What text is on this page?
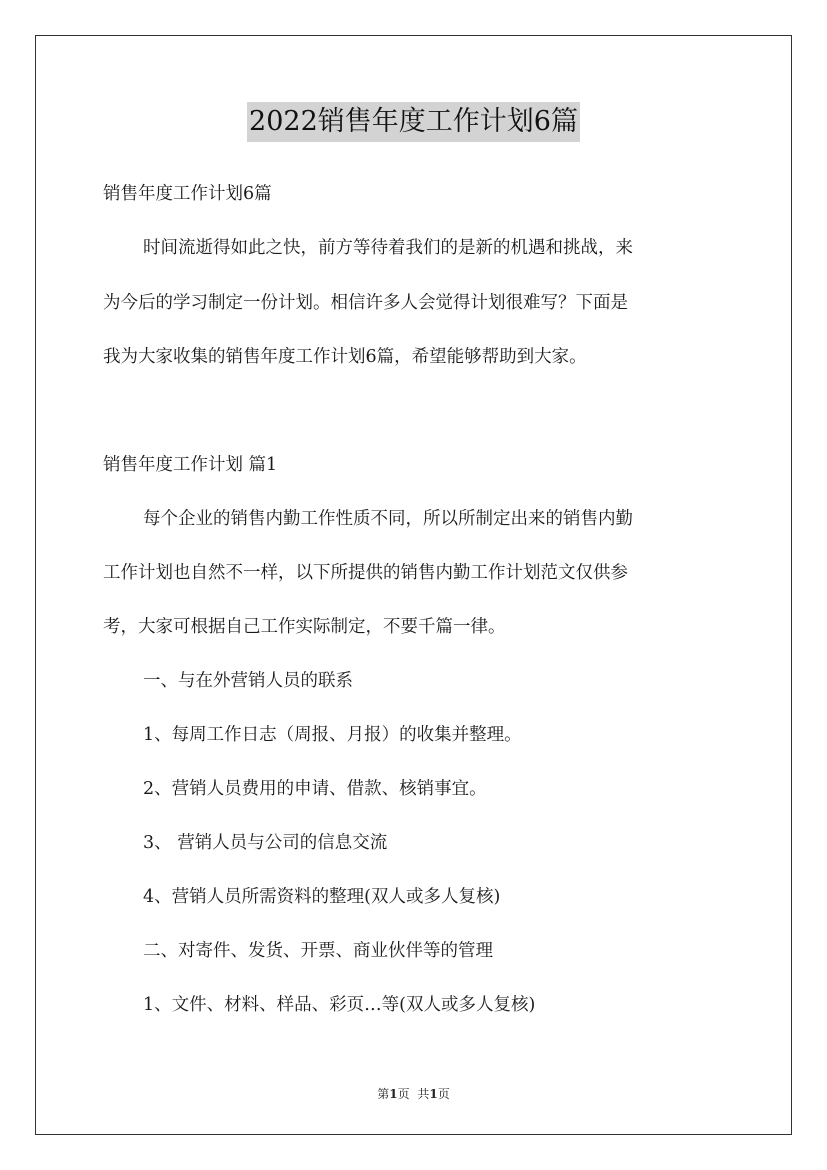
2022销售年度工作计划6篇
销售年度工作计划6篇
时间流逝得如此之快，前方等待着我们的是新的机遇和挑战，来
为今后的学习制定一份计划。相信许多人会觉得计划很难写？下面是
我为大家收集的销售年度工作计划6篇，希望能够帮助到大家。
销售年度工作计划 篇1
每个企业的销售内勤工作性质不同，所以所制定出来的销售内勤
工作计划也自然不一样，以下所提供的销售内勤工作计划范文仅供参
考，大家可根据自己工作实际制定，不要千篇一律。
一、与在外营销人员的联系
1、每周工作日志（周报、月报）的收集并整理。
2、营销人员费用的申请、借款、核销事宜。
3、 营销人员与公司的信息交流
4、营销人员所需资料的整理(双人或多人复核)
二、对寄件、发货、开票、商业伙伴等的管理
1、文件、材料、样品、彩页…等(双人或多人复核)
第1页 共1页
